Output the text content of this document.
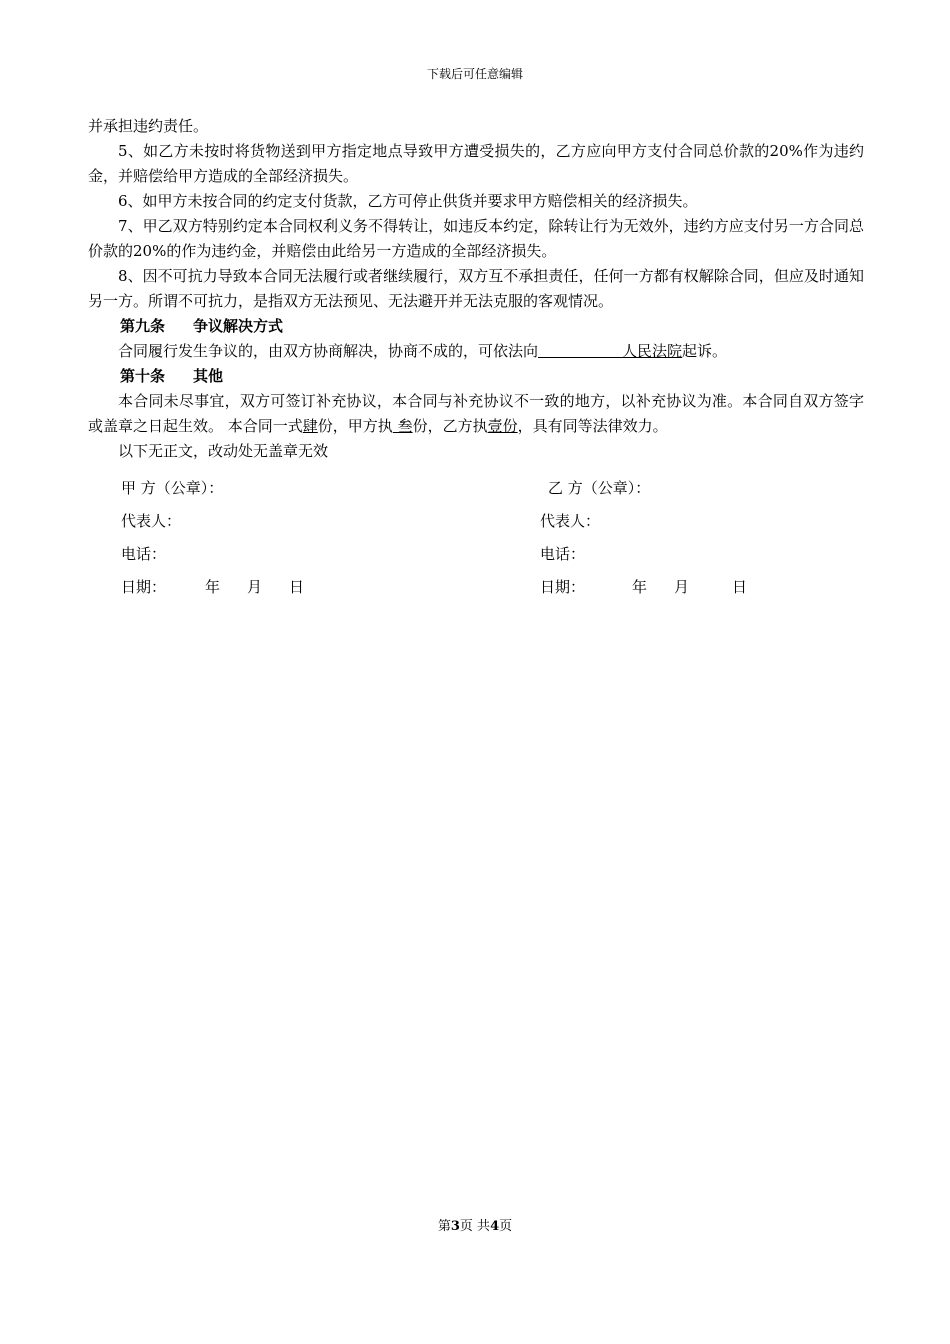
下载后可任意编辑

并承担违约责任。

5、如乙方未按时将货物送到甲方指定地点导致甲方遭受损失的，乙方应向甲方支付合同总价款的20%作为违约金，并赔偿给甲方造成的全部经济损失。

6、如甲方未按合同的约定支付货款，乙方可停止供货并要求甲方赔偿相关的经济损失。

7、甲乙双方特别约定本合同权利义务不得转让，如违反本约定，除转让行为无效外，违约方应支付另一方合同总价款的20%的作为违约金，并赔偿由此给另一方造成的全部经济损失。

8、因不可抗力导致本合同无法履行或者继续履行，双方互不承担责任，任何一方都有权解除合同，但应及时通知另一方。所谓不可抗力，是指双方无法预见、无法避开并无法克服的客观情况。

第九条 争议解决方式

合同履行发生争议的，由双方协商解决，协商不成的，可依法向	人民法院起诉。

第十条 其他

本合同未尽事宜，双方可签订补充协议，本合同与补充协议不一致的地方，以补充协议为准。本合同自双方签字或盖章之日起生效。 本合同一式肆份，甲方执 叁份，乙方执壹份，具有同等法律效力。

以下无正文，改动处无盖章无效

甲 方（公章）：	乙 方（公章）：
代表人：	代表人：
电话：	电话：
日期：	年 月 日	日期：	年 月	日
第3页 共4页
